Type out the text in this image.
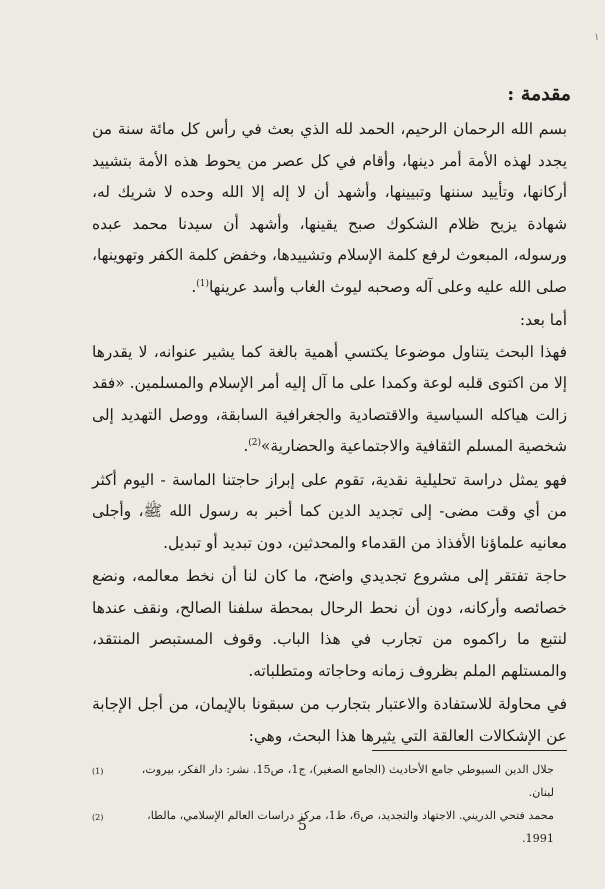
١
مقدمة :

بسم الله الرحمان الرحيم، الحمد لله الذي بعث في رأس كل مائة سنة من يجدد لهذه الأمة أمر دينها، وأقام في كل عصر من يحوط هذه الأمة بتشييد أركانها، وتأييد سننها وتبيينها، وأشهد أن لا إله إلا الله وحده لا شريك له، شهادة يزيح ظلام الشكوك صبح يقينها، وأشهد أن سيدنا محمد عبده ورسوله، المبعوث لرفع كلمة الإسلام وتشييدها، وخفض كلمة الكفر وتهوينها، صلى الله عليه وعلى آله وصحبه ليوث الغاب وأسد عرينها$^{(1)}$.

أما بعد:

فهذا البحث يتناول موضوعا يكتسي أهمية بالغة كما يشير عنوانه، لا يقدرها إلا من اكتوى قلبه لوعة وكمدا على ما آل إليه أمر الإسلام والمسلمين. «فقد زالت هياكله السياسية والاقتصادية والجغرافية السابقة، ووصل التهديد إلى شخصية المسلم الثقافية والاجتماعية والحضارية»$^{(2)}$.

فهو يمثل دراسة تحليلية نقدية، تقوم على إبراز حاجتنا الماسة - اليوم أكثر من أي وقت مضى- إلى تجديد الدين كما أخبر به رسول الله ﷺ، وأجلى معانيه علماؤنا الأفذاذ من القدماء والمحدثين، دون تبديد أو تبديل.

حاجة تفتقر إلى مشروع تجديدي واضح، ما كان لنا أن نخط معالمه، ونضع خصائصه وأركانه، دون أن نحط الرحال بمحطة سلفنا الصالح، ونقف عندها لنتبع ما راكموه من تجارب في هذا الباب. وقوف المستبصر المنتقد، والمستلهم الملم بظروف زمانه وحاجاته ومتطلباته.

في محاولة للاستفادة والاعتبار بتجارب من سبقونا بالإيمان، من أجل الإجابة عن الإشكالات العالقة التي يثيرها هذا البحث، وهي:

جلال الدين السيوطي جامع الأحاديث (الجامع الصغير)، ج1، ص15. نشر: دار الفكر، بيروت، لبنان.
(1)
محمد فتحي الدريني. الاجتهاد والتجديد، ص6، ط1، مركز دراسات العالم الإسلامي، مالطا، 1991.
(2)
5
